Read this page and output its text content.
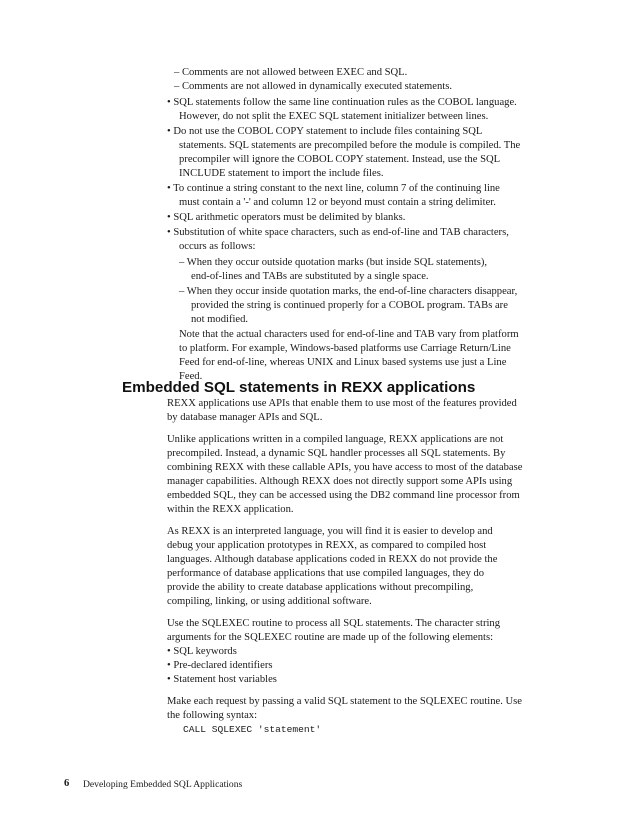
– Comments are not allowed between EXEC and SQL.
– Comments are not allowed in dynamically executed statements.
• SQL statements follow the same line continuation rules as the COBOL language.
However, do not split the EXEC SQL statement initializer between lines.
• Do not use the COBOL COPY statement to include files containing SQL
statements. SQL statements are precompiled before the module is compiled. The
precompiler will ignore the COBOL COPY statement. Instead, use the SQL
INCLUDE statement to import the include files.
• To continue a string constant to the next line, column 7 of the continuing line
must contain a '-' and column 12 or beyond must contain a string delimiter.
• SQL arithmetic operators must be delimited by blanks.
• Substitution of white space characters, such as end-of-line and TAB characters,
occurs as follows:
– When they occur outside quotation marks (but inside SQL statements),
end-of-lines and TABs are substituted by a single space.
– When they occur inside quotation marks, the end-of-line characters disappear,
provided the string is continued properly for a COBOL program. TABs are
not modified.
Note that the actual characters used for end-of-line and TAB vary from platform
to platform. For example, Windows-based platforms use Carriage Return/Line
Feed for end-of-line, whereas UNIX and Linux based systems use just a Line
Feed.
Embedded SQL statements in REXX applications
REXX applications use APIs that enable them to use most of the features provided
by database manager APIs and SQL.
Unlike applications written in a compiled language, REXX applications are not
precompiled. Instead, a dynamic SQL handler processes all SQL statements. By
combining REXX with these callable APIs, you have access to most of the database
manager capabilities. Although REXX does not directly support some APIs using
embedded SQL, they can be accessed using the DB2 command line processor from
within the REXX application.
As REXX is an interpreted language, you will find it is easier to develop and
debug your application prototypes in REXX, as compared to compiled host
languages. Although database applications coded in REXX do not provide the
performance of database applications that use compiled languages, they do
provide the ability to create database applications without precompiling,
compiling, linking, or using additional software.
Use the SQLEXEC routine to process all SQL statements. The character string
arguments for the SQLEXEC routine are made up of the following elements:
• SQL keywords
• Pre-declared identifiers
• Statement host variables
Make each request by passing a valid SQL statement to the SQLEXEC routine. Use
the following syntax:
CALL SQLEXEC 'statement'
6 Developing Embedded SQL Applications
